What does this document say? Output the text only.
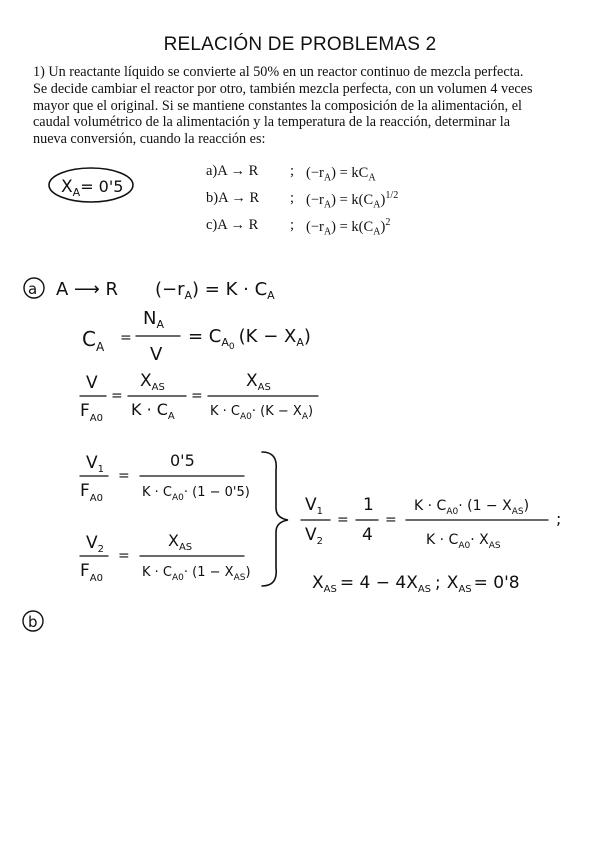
RELACIÓN DE PROBLEMAS 2
1) Un reactante líquido se convierte al 50% en un reactor continuo de mezcla perfecta.
Se decide cambiar el reactor por otro, también mezcla perfecta, con un volumen 4 veces
mayor que el original. Si se mantiene constantes la composición de la alimentación, el
caudal volumétrico de la alimentación y la temperatura de la reacción, determinar la
nueva conversión, cuando la reacción es:
a)A → R	; $(-r_A) = kC_A$
b)A → R	; $(-r_A) = k(C_A)^{1/2}$
c)A → R	; $(-r_A) = k(C_A)^2$
$X_A= 0'5$
a A ⟶ R $(-r_A) = K \cdot C_A$
$C_A$
=
$N_A$
V
= $C_A0$ $(K - X_A)$
V
$F_{A0}$
=
$X_{AS}$
$K \cdot C_A$
=
$X_{AS}$
$K \cdot C_{A0}\cdot (K - X_A)$
$V_1$
$F_{A0}$
=
0'5
$K \cdot C_{A0}\cdot (1 - 0'5)$
$V_2$
$F_{A0}$
=
$X_{AS}$
$K \cdot C_{A0}\cdot (1 - X_{AS})$
$V_1$
$V_2$
=
1
4
=
$K \cdot C_{A0}\cdot (1 - X_{AS})$
$K \cdot C_{A0}\cdot X_{AS}$
;
$X_{AS} = 4 - 4X_{AS}$ ; $X_{AS} = 0'8$
b
